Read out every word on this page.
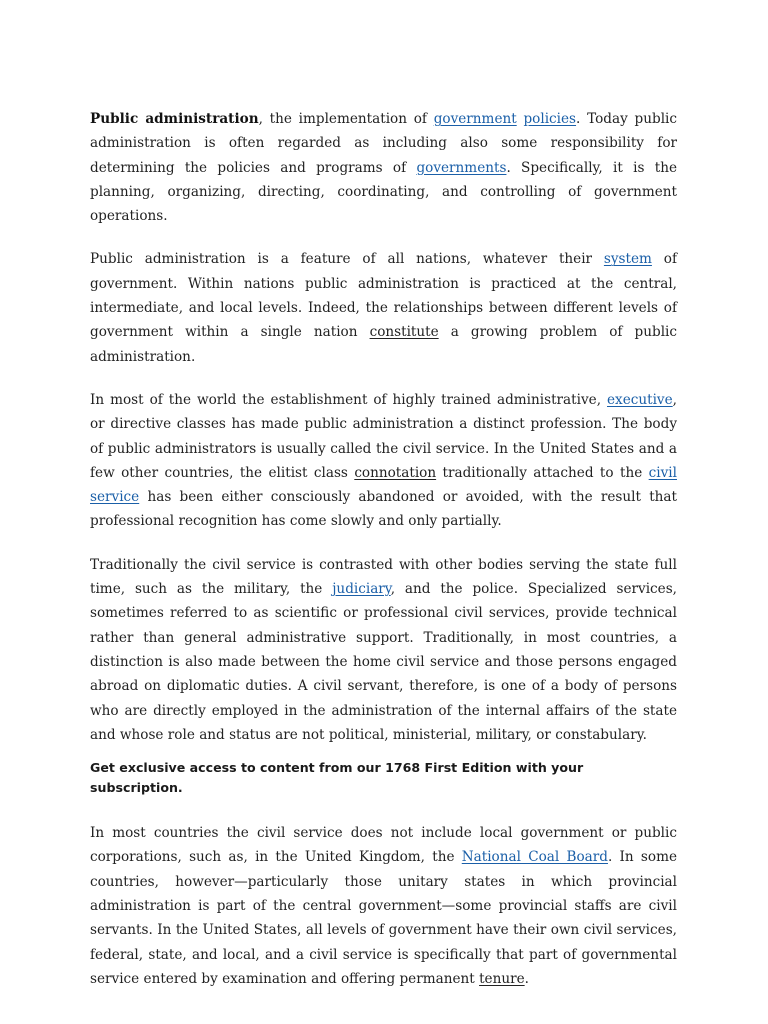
Public administration, the implementation of government policies. Today public administration is often regarded as including also some responsibility for determining the policies and programs of governments. Specifically, it is the planning, organizing, directing, coordinating, and controlling of government operations.

Public administration is a feature of all nations, whatever their system of government. Within nations public administration is practiced at the central, intermediate, and local levels. Indeed, the relationships between different levels of government within a single nation constitute a growing problem of public administration.

In most of the world the establishment of highly trained administrative, executive, or directive classes has made public administration a distinct profession. The body of public administrators is usually called the civil service. In the United States and a few other countries, the elitist class connotation traditionally attached to the civil service has been either consciously abandoned or avoided, with the result that professional recognition has come slowly and only partially.

Traditionally the civil service is contrasted with other bodies serving the state full time, such as the military, the judiciary, and the police. Specialized services, sometimes referred to as scientific or professional civil services, provide technical rather than general administrative support. Traditionally, in most countries, a distinction is also made between the home civil service and those persons engaged abroad on diplomatic duties. A civil servant, therefore, is one of a body of persons who are directly employed in the administration of the internal affairs of the state and whose role and status are not political, ministerial, military, or constabulary.

Get exclusive access to content from our 1768 First Edition with your subscription.

In most countries the civil service does not include local government or public corporations, such as, in the United Kingdom, the National Coal Board. In some countries, however—particularly those unitary states in which provincial administration is part of the central government—some provincial staffs are civil servants. In the United States, all levels of government have their own civil services, federal, state, and local, and a civil service is specifically that part of governmental service entered by examination and offering permanent tenure.
